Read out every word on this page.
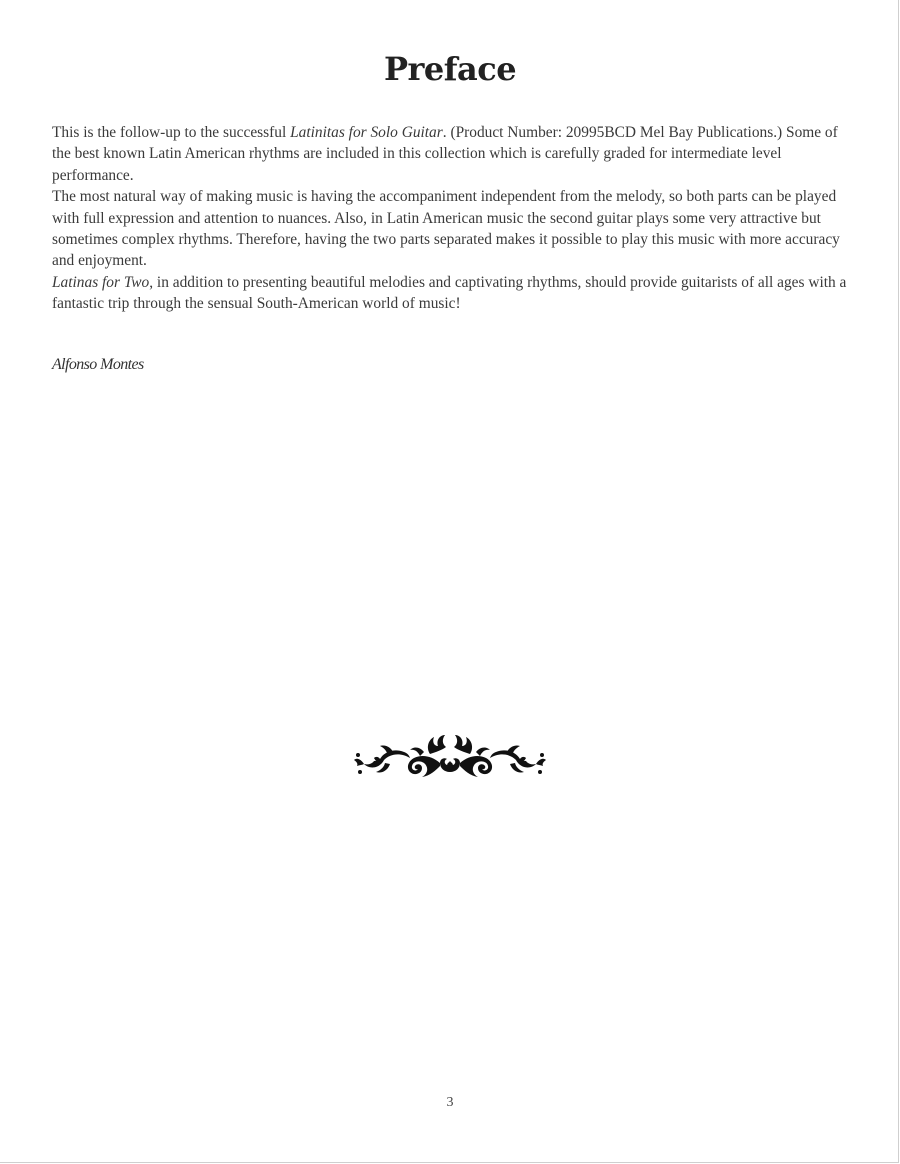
Preface

This is the follow-up to the successful Latinitas for Solo Guitar. (Product Number: 20995BCD Mel Bay Publications.) Some of the best known Latin American rhythms are included in this collection which is carefully graded for intermediate level performance.

The most natural way of making music is having the accompaniment independent from the melody, so both parts can be played with full expression and attention to nuances. Also, in Latin American music the second guitar plays some very attractive but sometimes complex rhythms. Therefore, having the two parts separated makes it possible to play this music with more accuracy and enjoyment.

Latinas for Two, in addition to presenting beautiful melodies and captivating rhythms, should provide guitarists of all ages with a fantastic trip through the sensual South-American world of music!

Alfonso Montes
3
